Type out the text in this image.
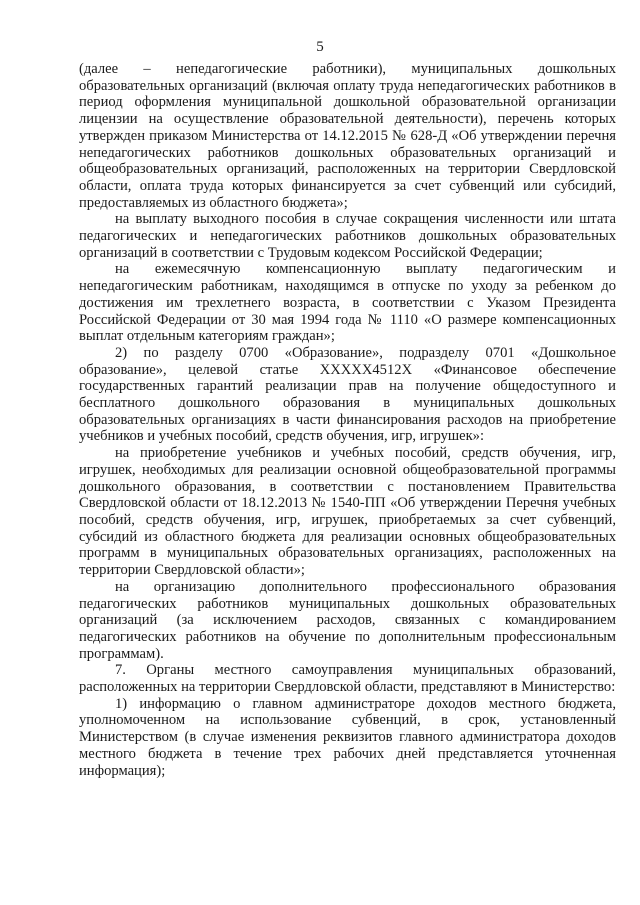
5

(далее – непедагогические работники), муниципальных дошкольных образовательных организаций (включая оплату труда непедагогических работников в период оформления муниципальной дошкольной образовательной организации лицензии на осуществление образовательной деятельности), перечень которых утвержден приказом Министерства от 14.12.2015 № 628-Д «Об утверждении перечня непедагогических работников дошкольных образовательных организаций и общеобразовательных организаций, расположенных на территории Свердловской области, оплата труда которых финансируется за счет субвенций или субсидий, предоставляемых из областного бюджета»;

на выплату выходного пособия в случае сокращения численности или штата педагогических и непедагогических работников дошкольных образовательных организаций в соответствии с Трудовым кодексом Российской Федерации;

на ежемесячную компенсационную выплату педагогическим и непедагогическим работникам, находящимся в отпуске по уходу за ребенком до достижения им трехлетнего возраста, в соответствии с Указом Президента Российской Федерации от 30 мая 1994 года № 1110 «О размере компенсационных выплат отдельным категориям граждан»;

2) по разделу 0700 «Образование», подразделу 0701 «Дошкольное образование», целевой статье XXXXX4512X «Финансовое обеспечение государственных гарантий реализации прав на получение общедоступного и бесплатного дошкольного образования в муниципальных дошкольных образовательных организациях в части финансирования расходов на приобретение учебников и учебных пособий, средств обучения, игр, игрушек»:

на приобретение учебников и учебных пособий, средств обучения, игр, игрушек, необходимых для реализации основной общеобразовательной программы дошкольного образования, в соответствии с постановлением Правительства Свердловской области от 18.12.2013 № 1540-ПП «Об утверждении Перечня учебных пособий, средств обучения, игр, игрушек, приобретаемых за счет субвенций, субсидий из областного бюджета для реализации основных общеобразовательных программ в муниципальных образовательных организациях, расположенных на территории Свердловской области»;

на организацию дополнительного профессионального образования педагогических работников муниципальных дошкольных образовательных организаций (за исключением расходов, связанных с командированием педагогических работников на обучение по дополнительным профессиональным программам).

7. Органы местного самоуправления муниципальных образований, расположенных на территории Свердловской области, представляют в Министерство:

1) информацию о главном администраторе доходов местного бюджета, уполномоченном на использование субвенций, в срок, установленный Министерством (в случае изменения реквизитов главного администратора доходов местного бюджета в течение трех рабочих дней представляется уточненная информация);
